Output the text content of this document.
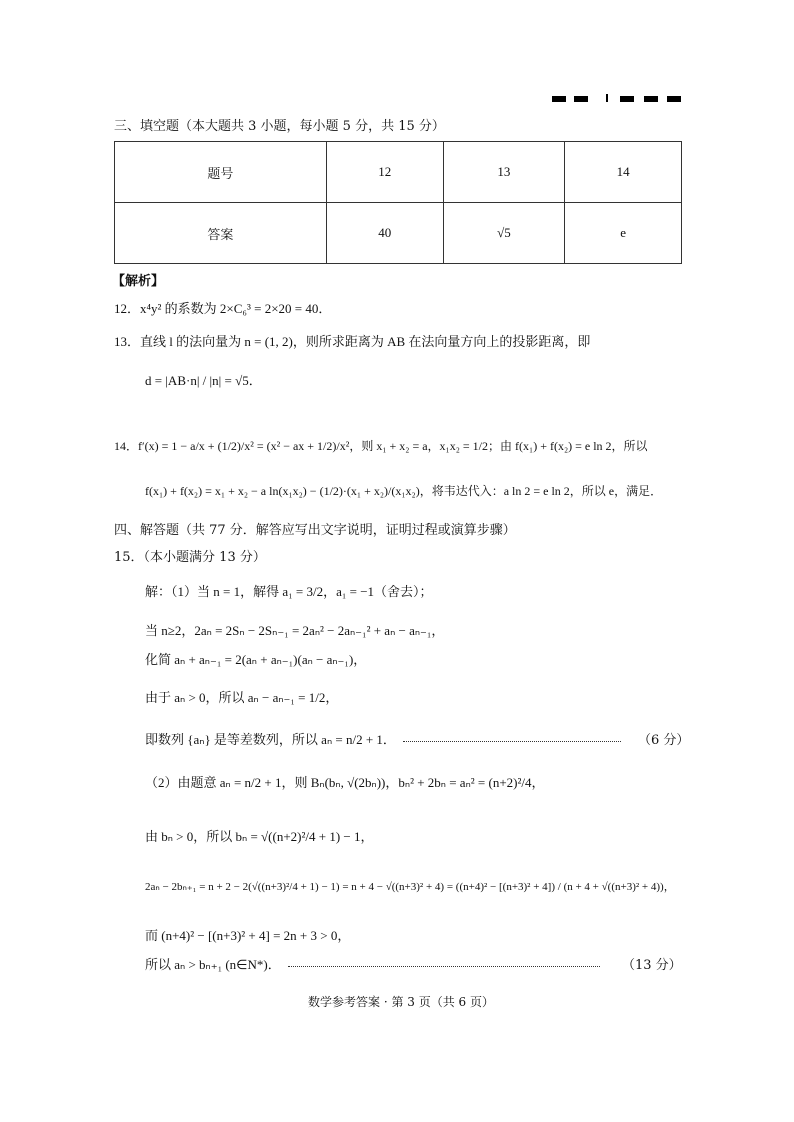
三、填空题（本大题共 3 小题，每小题 5 分，共 15 分）
题号	12	13	14
答案	40	√5	e
【解析】
12．x⁴y² 的系数为 2×C₆³ = 2×20 = 40．
13．直线 l 的法向量为 n = (1, 2)，则所求距离为 AB 在法向量方向上的投影距离，即
d = |AB·n| / |n| = √5．
14．f′(x) = 1 − a/x + (1/2)/x² = (x² − ax + 1/2)/x²，则 x₁ + x₂ = a，x₁x₂ = 1/2；由 f(x₁) + f(x₂) = e ln 2，所以
f(x₁) + f(x₂) = x₁ + x₂ − a ln(x₁x₂) − (1/2)·(x₁ + x₂)/(x₁x₂)，将韦达代入：a ln 2 = e ln 2，所以 e，满足．
四、解答题（共 77 分．解答应写出文字说明，证明过程或演算步骤）
15．（本小题满分 13 分）
解：（1）当 n = 1，解得 a₁ = 3/2，a₁ = −1（舍去）；
当 n≥2，2aₙ = 2Sₙ − 2Sₙ₋₁ = 2aₙ² − 2aₙ₋₁² + aₙ − aₙ₋₁，
化简 aₙ + aₙ₋₁ = 2(aₙ + aₙ₋₁)(aₙ − aₙ₋₁)，
由于 aₙ > 0，所以 aₙ − aₙ₋₁ = 1/2，
即数列 {aₙ} 是等差数列，所以 aₙ = n/2 + 1．	（6 分）
（2）由题意 aₙ = n/2 + 1，则 Bₙ(bₙ, √(2bₙ))，bₙ² + 2bₙ = aₙ² = (n+2)²/4，
由 bₙ > 0，所以 bₙ = √((n+2)²/4 + 1) − 1，
2aₙ − 2bₙ₊₁ = n + 2 − 2(√((n+3)²/4 + 1) − 1) = n + 4 − √((n+3)² + 4) = ((n+4)² − [(n+3)² + 4]) / (n + 4 + √((n+3)² + 4))，
而 (n+4)² − [(n+3)² + 4] = 2n + 3 > 0，
所以 aₙ > bₙ₊₁ (n∈N*)．	（13 分）
数学参考答案 · 第 3 页（共 6 页）
